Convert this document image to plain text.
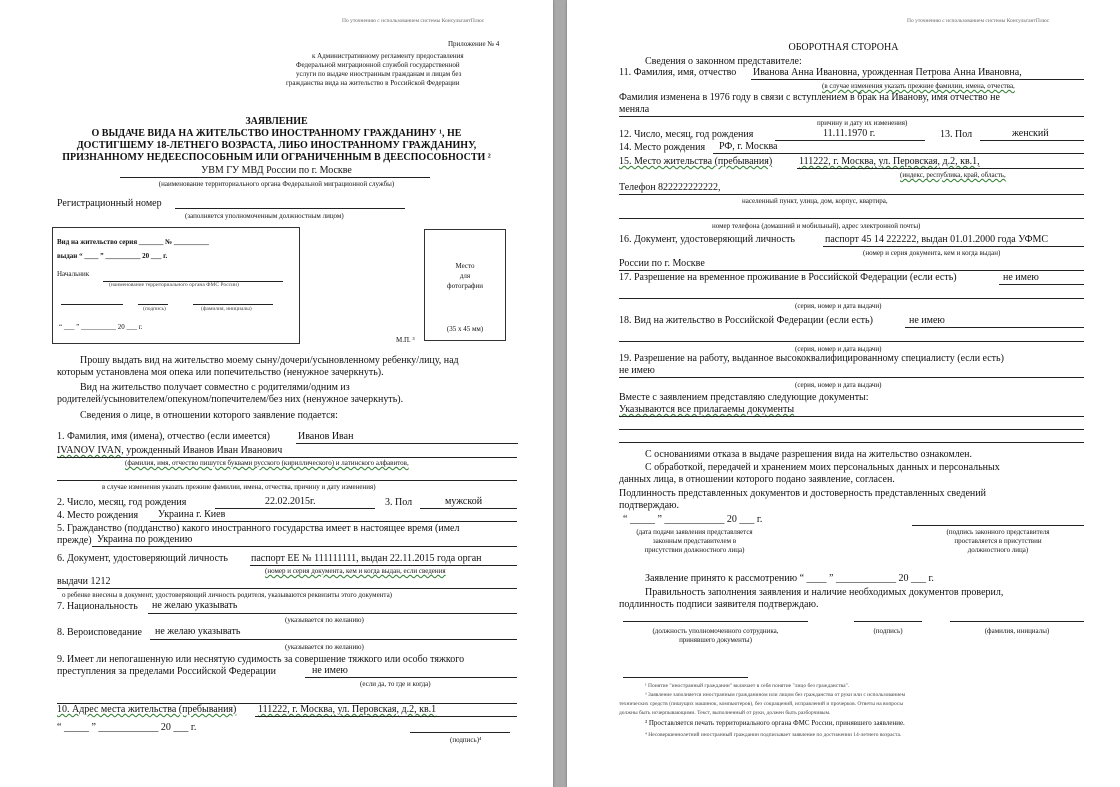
По уточнению с использованием системы КонсультантПлюс
Приложение № 4
к Административному регламенту предоставления
Федеральной миграционной службой государственной
услуги по выдаче иностранным гражданам и лицам без
гражданства вида на жительство в Российской Федерации
ЗАЯВЛЕНИЕ
О ВЫДАЧЕ ВИДА НА ЖИТЕЛЬСТВО ИНОСТРАННОМУ ГРАЖДАНИНУ ¹, НЕ
ДОСТИГШЕМУ 18-ЛЕТНЕГО ВОЗРАСТА, ЛИБО ИНОСТРАННОМУ ГРАЖДАНИНУ,
ПРИЗНАННОМУ НЕДЕЕСПОСОБНЫМ ИЛИ ОГРАНИЧЕННЫМ В ДЕЕСПОСОБНОСТИ ²
УВМ ГУ МВД России по г. Москве
(наименование территориального органа Федеральной миграционной службы)
Регистрационный номер
(заполняется уполномоченным должностным лицом)
Вид на жительство серия _______ № __________
выдан “ ____ ” __________ 20 ___ г.
Начальник
(наименование территориального органа ФМС России)
(подпись)	(фамилия, инициалы)
“ ___ ” __________ 20 ___ г.
Место
для
фотографии
(35 x 45 мм)
М.П. ³
Прошу выдать вид на жительство моему сыну/дочери/усыновленному ребенку/лицу, над
которым установлена моя опека или попечительство (ненужное зачеркнуть).
Вид на жительство получает совместно с родителями/одним из
родителей/усыновителем/опекуном/попечителем/без них (ненужное зачеркнуть).
Сведения о лице, в отношении которого заявление подается:
1. Фамилия, имя (имена), отчество (если имеется)	Иванов Иван
IVANOV IVAN, урожденный Иванов Иван Иванович
(фамилия, имя, отчество пишутся буквами русского (кириллического) и латинского алфавитов,
в случае изменения указать прежние фамилии, имена, отчества, причину и дату изменения)
2. Число, месяц, год рождения	22.02.2015г.	3. Пол	мужской
4. Место рождения Украина г. Киев
5. Гражданство (подданство) какого иностранного государства имеет в настоящее время (имел
прежде) Украина по рождению
6. Документ, удостоверяющий личность паспорт ЕЕ № 111111111, выдан 22.11.2015 года орган
(номер и серия документа, кем и когда выдан, если сведения
выдачи 1212
о ребенке внесены в документ, удостоверяющий личность родителя, указываются реквизиты этого документа)
7. Национальность не желаю указывать
(указывается по желанию)
8. Вероисповедание не желаю указывать
(указывается по желанию)
9. Имеет ли непогашенную или неснятую судимость за совершение тяжкого или особо тяжкого
преступления за пределами Российской Федерации	не имею
(если да, то где и когда)
10. Адрес места жительства (пребывания) 111222, г. Москва, ул. Перовская, д.2, кв.1
“ _____ ” ____________ 20 ___ г.
(подпись)⁴
По уточнению с использованием системы КонсультантПлюс
ОБОРОТНАЯ СТОРОНА
Сведения о законном представителе:
11. Фамилия, имя, отчество Иванова Анна Ивановна, урожденная Петрова Анна Ивановна,
(в случае изменения указать прежние фамилии, имена, отчества,
Фамилия изменена в 1976 году в связи с вступлением в брак на Иванову, имя отчество не
меняла
причину и дату их изменения)
12. Число, месяц, год рождения	11.11.1970 г.	13. Пол	женский
14. Место рождения РФ, г. Москва
15. Место жительства (пребывания)	111222, г. Москва, ул. Перовская, д.2, кв.1,
(индекс, республика, край, область,
Телефон 822222222222,
населенный пункт, улица, дом, корпус, квартира,
номер телефона (домашний и мобильный), адрес электронной почты)
16. Документ, удостоверяющий личность	паспорт 45 14 222222, выдан 01.01.2000 года УФМС
(номер и серия документа, кем и когда выдан)
России по г. Москве
17. Разрешение на временное проживание в Российской Федерации (если есть)	не имею
(серия, номер и дата выдачи)
18. Вид на жительство в Российской Федерации (если есть)	не имею
(серия, номер и дата выдачи)
19. Разрешение на работу, выданное высококвалифицированному специалисту (если есть)
не имею
(серия, номер и дата выдачи)
Вместе с заявлением представляю следующие документы:
Указываются все прилагаемы документы
С основаниями отказа в выдаче разрешения вида на жительство ознакомлен.
С обработкой, передачей и хранением моих персональных данных и персональных
данных лица, в отношении которого подано заявление, согласен.
Подлинность представленных документов и достоверность представленных сведений
подтверждаю.
“ _____ ” ____________ 20 ___ г.
(дата подачи заявления представляется
законным представителем в
присутствии должностного лица)
(подпись законного представителя
проставляется в присутствии
должностного лица)
Заявление принято к рассмотрению “ ____ ” ____________ 20 ___ г.
Правильность заполнения заявления и наличие необходимых документов проверил,
подлинность подписи заявителя подтверждаю.
(должность уполномоченного сотрудника,
принявшего документы)
(подпись)	(фамилия, инициалы)
¹ Понятие "иностранный гражданин" включает в себя понятие "лицо без гражданства".
² Заявление заполняется иностранным гражданином или лицом без гражданства от руки или с использованием
технических средств (пишущих машинок, компьютеров), без сокращений, исправлений и прочерков. Ответы на вопросы
должны быть исчерпывающими. Текст, выполненный от руки, должен быть разборчивым.
³ Проставляется печать территориального органа ФМС России, принявшего заявление.
⁴ Несовершеннолетний иностранный гражданин подписывает заявление по достижении 14-летнего возраста.
